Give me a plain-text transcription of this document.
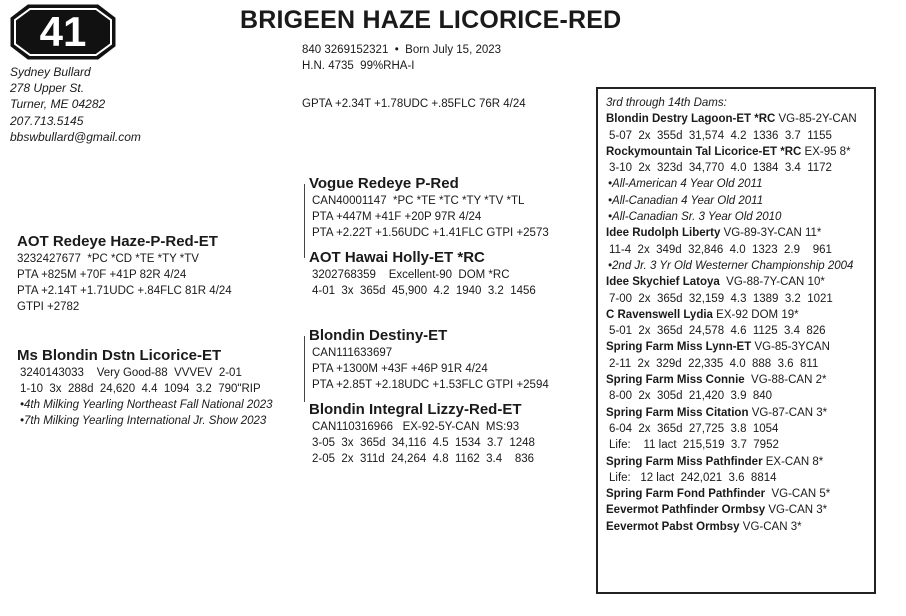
41	BRIGEEN HAZE LICORICE-RED
Sydney Bullard
278 Upper St.
Turner, ME 04282
207.713.5145
bbswbullard@gmail.com
840 3269152321  •  Born July 15, 2023
H.N. 4735  99%RHA-I
GPTA +2.34T +1.78UDC +.85FLC 76R 4/24
AOT Redeye Haze-P-Red-ET
3232427677  *PC *CD *TE *TY *TV
PTA +825M +70F +41P 82R 4/24
PTA +2.14T +1.71UDC +.84FLC 81R 4/24
GTPI +2782
Ms Blondin Dstn Licorice-ET
3240143033    Very Good-88  VVVEV  2-01
1-10  3x  288d  24,620  4.4  1094  3.2  790"RIP
•4th Milking Yearling Northeast Fall National 2023
•7th Milking Yearling International Jr. Show 2023
Vogue Redeye P-Red
CAN40001147  *PC *TE *TC *TY *TV *TL
PTA +447M +41F +20P 97R 4/24
PTA +2.22T +1.56UDC +1.41FLC GTPI +2573
AOT Hawai Holly-ET *RC
3202768359    Excellent-90  DOM *RC
4-01  3x  365d  45,900  4.2  1940  3.2  1456
Blondin Destiny-ET
CAN111633697
PTA +1300M +43F +46P 91R 4/24
PTA +2.85T +2.18UDC +1.53FLC GTPI +2594
Blondin Integral Lizzy-Red-ET
CAN110316966   EX-92-5Y-CAN  MS:93
3-05  3x  365d  34,116  4.5  1534  3.7  1248
2-05  2x  311d  24,264  4.8  1162  3.4    836
3rd through 14th Dams:
Blondin Destry Lagoon-ET *RC VG-85-2Y-CAN
5-07  2x  355d  31,574  4.2  1336  3.7  1155
Rockymountain Tal Licorice-ET *RC EX-95 8*
3-10  2x  323d  34,770  4.0  1384  3.4  1172
•All-American 4 Year Old 2011
•All-Canadian 4 Year Old 2011
•All-Canadian Sr. 3 Year Old 2010
Idee Rudolph Liberty VG-89-3Y-CAN 11*
11-4  2x  349d  32,846  4.0  1323  2.9    961
•2nd Jr. 3 Yr Old Westerner Championship 2004
Idee Skychief Latoya  VG-88-7Y-CAN 10*
7-00  2x  365d  32,159  4.3  1389  3.2  1021
C Ravenswell Lydia EX-92 DOM 19*
5-01  2x  365d  24,578  4.6  1125  3.4  826
Spring Farm Miss Lynn-ET VG-85-3YCAN
2-11  2x  329d  22,335  4.0  888  3.6  811
Spring Farm Miss Connie  VG-88-CAN 2*
8-00  2x  305d  21,420  3.9  840
Spring Farm Miss Citation VG-87-CAN 3*
6-04  2x  365d  27,725  3.8  1054
Life:    11 lact  215,519  3.7  7952
Spring Farm Miss Pathfinder EX-CAN 8*
Life:   12 lact  242,021  3.6  8814
Spring Farm Fond Pathfinder  VG-CAN 5*
Eevermot Pathfinder Ormbsy VG-CAN 3*
Eevermot Pabst Ormbsy VG-CAN 3*
